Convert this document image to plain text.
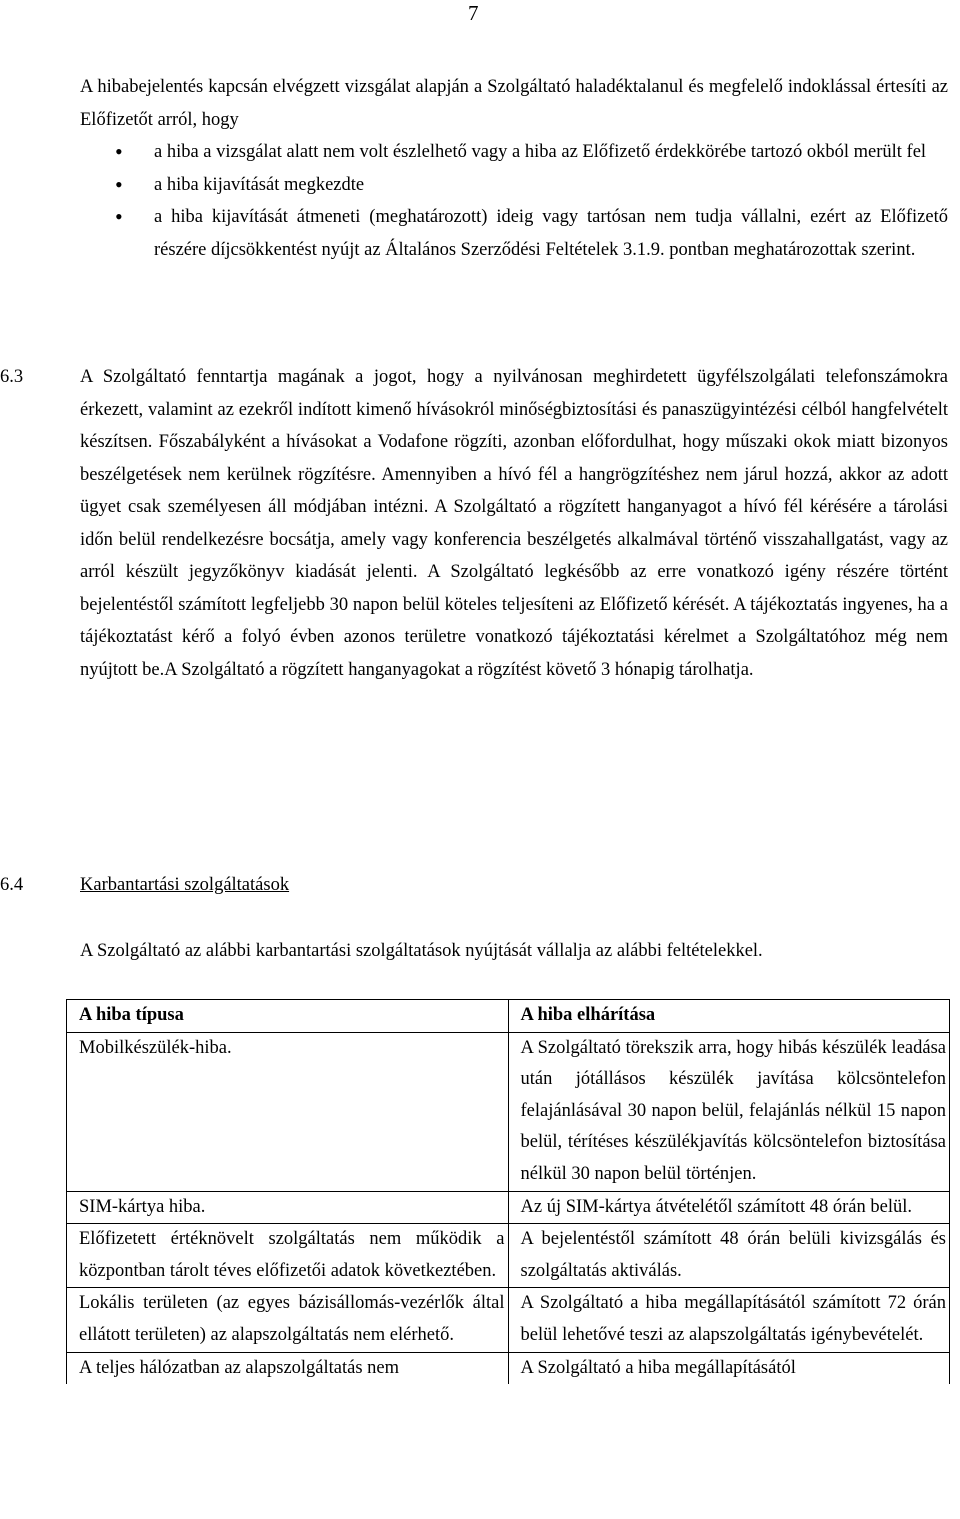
7
A hibabejelentés kapcsán elvégzett vizsgálat alapján a Szolgáltató haladéktalanul és megfelelő indoklással értesíti az Előfizetőt arról, hogy
• a hiba a vizsgálat alatt nem volt észlelhető vagy a hiba az Előfizető érdekkörébe tartozó okból merült fel
• a hiba kijavítását megkezdte
• a hiba kijavítását átmeneti (meghatározott) ideig vagy tartósan nem tudja vállalni, ezért az Előfizető részére díjcsökkentést nyújt az Általános Szerződési Feltételek 3.1.9. pontban meghatározottak szerint.
6.3	A Szolgáltató fenntartja magának a jogot, hogy a nyilvánosan meghirdetett ügyfélszolgálati telefonszámokra érkezett, valamint az ezekről indított kimenő hívásokról minőségbiztosítási és panaszügyintézési célból hangfelvételt készítsen. Főszabályként a hívásokat a Vodafone rögzíti, azonban előfordulhat, hogy műszaki okok miatt bizonyos beszélgetések nem kerülnek rögzítésre. Amennyiben a hívó fél a hangrögzítéshez nem járul hozzá, akkor az adott ügyet csak személyesen áll módjában intézni. A Szolgáltató a rögzített hanganyagot a hívó fél kérésére a tárolási időn belül rendelkezésre bocsátja, amely vagy konferencia beszélgetés alkalmával történő visszahallgatást, vagy az arról készült jegyzőkönyv kiadását jelenti. A Szolgáltató legkésőbb az erre vonatkozó igény részére történt bejelentéstől számított legfeljebb 30 napon belül köteles teljesíteni az Előfizető kérését. A tájékoztatás ingyenes, ha a tájékoztatást kérő a folyó évben azonos területre vonatkozó tájékoztatási kérelmet a Szolgáltatóhoz még nem nyújtott be.A Szolgáltató a rögzített hanganyagokat a rögzítést követő 3 hónapig tárolhatja.
6.4	Karbantartási szolgáltatások
A Szolgáltató az alábbi karbantartási szolgáltatások nyújtását vállalja az alábbi feltételekkel.
A hiba típusa	A hiba elhárítása
Mobilkészülék-hiba.	A Szolgáltató törekszik arra, hogy hibás készülék leadása után jótállásos készülék javítása kölcsöntelefon felajánlásával 30 napon belül, felajánlás nélkül 15 napon belül, térítéses készülékjavítás kölcsöntelefon biztosítása nélkül 30 napon belül történjen.
SIM-kártya hiba.	Az új SIM-kártya átvételétől számított 48 órán belül.
Előfizetett értéknövelt szolgáltatás nem működik a központban tárolt téves előfizetői adatok következtében.	A bejelentéstől számított 48 órán belüli kivizsgálás és szolgáltatás aktiválás.
Lokális területen (az egyes bázisállomás-vezérlők által ellátott területen) az alapszolgáltatás nem elérhető.	A Szolgáltató a hiba megállapításától számított 72 órán belül lehetővé teszi az alapszolgáltatás igénybevételét.
A teljes hálózatban az alapszolgáltatás nem	A Szolgáltató a hiba megállapításától
